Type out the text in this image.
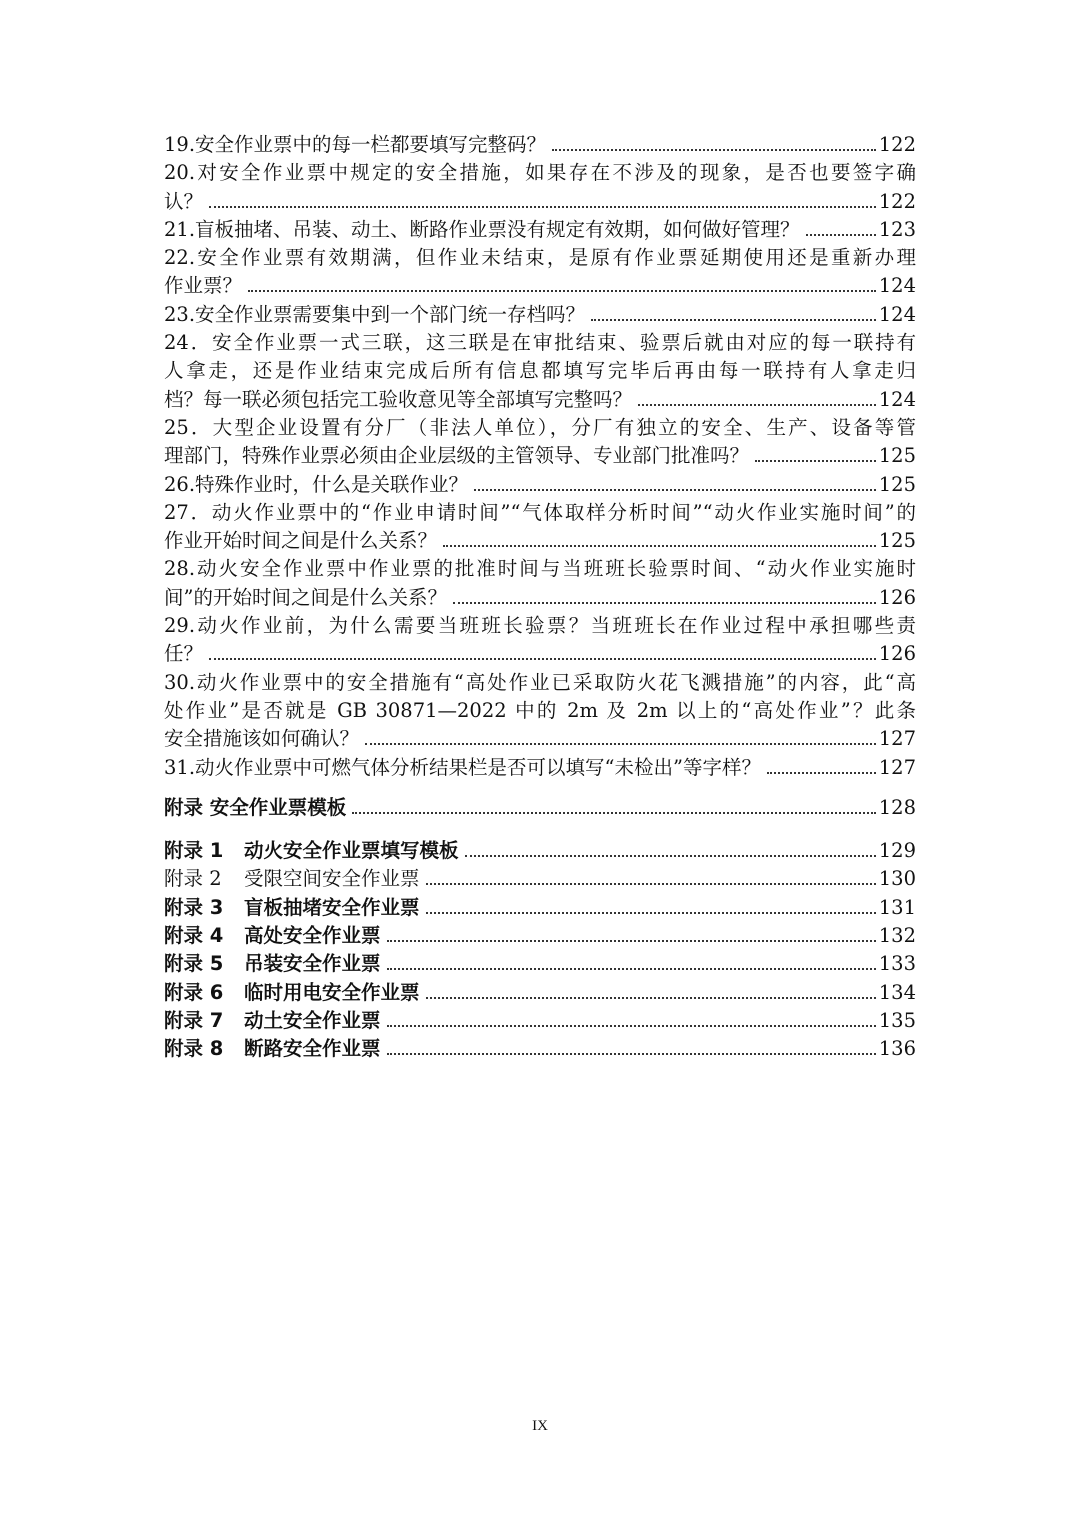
19.安全作业票中的每一栏都要填写完整码？	122
20.对安全作业票中规定的安全措施，如果存在不涉及的现象，是否也要签字确
认？	122
21.盲板抽堵、吊装、动土、断路作业票没有规定有效期，如何做好管理？	123
22.安全作业票有效期满，但作业未结束，是原有作业票延期使用还是重新办理
作业票？	124
23.安全作业票需要集中到一个部门统一存档吗？	124
24．安全作业票一式三联，这三联是在审批结束、验票后就由对应的每一联持有
人拿走，还是作业结束完成后所有信息都填写完毕后再由每一联持有人拿走归
档？每一联必须包括完工验收意见等全部填写完整吗？	124
25．大型企业设置有分厂（非法人单位），分厂有独立的安全、生产、设备等管
理部门，特殊作业票必须由企业层级的主管领导、专业部门批准吗？	125
26.特殊作业时，什么是关联作业？	125
27．动火作业票中的“作业申请时间”“气体取样分析时间”“动火作业实施时间”的
作业开始时间之间是什么关系？	125
28.动火安全作业票中作业票的批准时间与当班班长验票时间、“动火作业实施时
间”的开始时间之间是什么关系？	126
29.动火作业前，为什么需要当班班长验票？当班班长在作业过程中承担哪些责
任？	126
30.动火作业票中的安全措施有“高处作业已采取防火花飞溅措施”的内容，此“高
处作业”是否就是 GB 30871—2022 中的 2m 及 2m 以上的“高处作业”？此条
安全措施该如何确认？	127
31.动火作业票中可燃气体分析结果栏是否可以填写“未检出”等字样？	127
附录 安全作业票模板	128
附录 1	动火安全作业票填写模板	129
附录 2	受限空间安全作业票	130
附录 3	盲板抽堵安全作业票	131
附录 4	高处安全作业票	132
附录 5	吊装安全作业票	133
附录 6	临时用电安全作业票	134
附录 7	动土安全作业票	135
附录 8	断路安全作业票	136
IX
